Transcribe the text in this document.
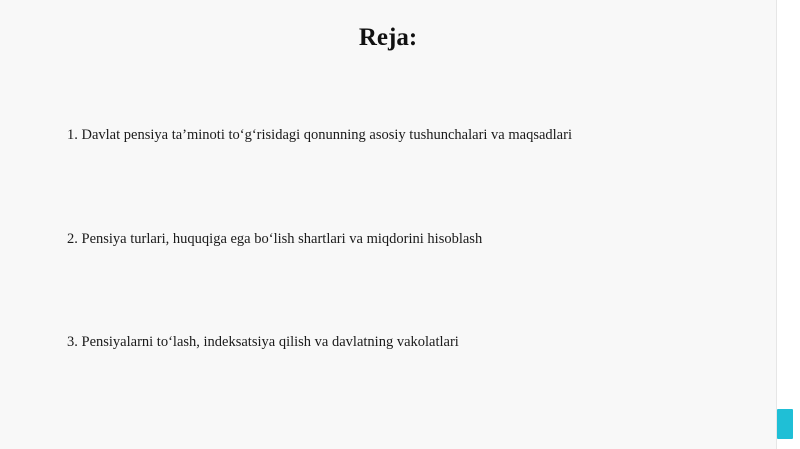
Reja:
1. Davlat pensiya ta’minoti to‘g‘risidagi qonunning asosiy tushunchalari va maqsadlari
2. Pensiya turlari, huquqiga ega bo‘lish shartlari va miqdorini hisoblash
3. Pensiyalarni to‘lash, indeksatsiya qilish va davlatning vakolatlari
